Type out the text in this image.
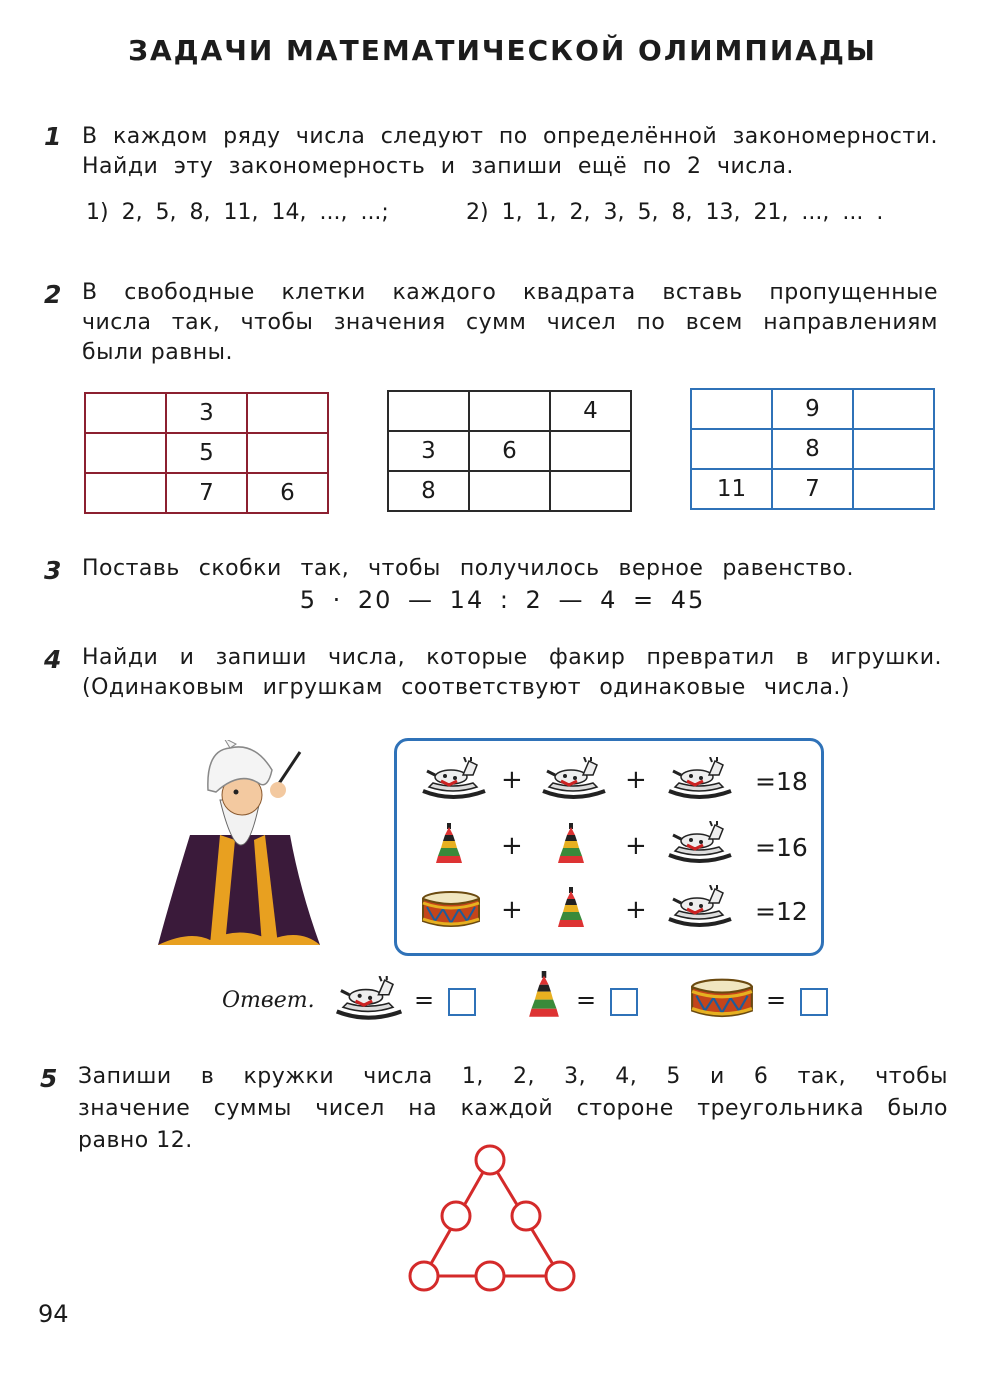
ЗАДАЧИ МАТЕМАТИЧЕСКОЙ ОЛИМПИАДЫ
1 В каждом ряду числа следуют по определённой закономерности.
Найди эту закономерность и запиши ещё по 2 числа.
1) 2, 5, 8, 11, 14, ..., ...;	2) 1, 1, 2, 3, 5, 8, 13, 21, ..., ... .
2 В свободные клетки каждого квадрата вставь пропущенные
числа так, чтобы значения сумм чисел по всем направлениям
были равны.
	3	
	5	
	7	6
		4
3	6	
8		
	9	
	8	
11	7	
3 Поставь скобки так, чтобы получилось верное равенство.
5 · 20 — 14 : 2 — 4 = 45
4 Найди и запиши числа, которые факир превратил в игрушки.
(Одинаковым игрушкам соответствуют одинаковые числа.)
+	+	=18
+	+	=16
+	+	=12
Ответ.	=	=	=
5 Запиши в кружки числа 1, 2, 3, 4, 5 и 6 так, чтобы
значение суммы чисел на каждой стороне треугольника было
равно 12.
94
